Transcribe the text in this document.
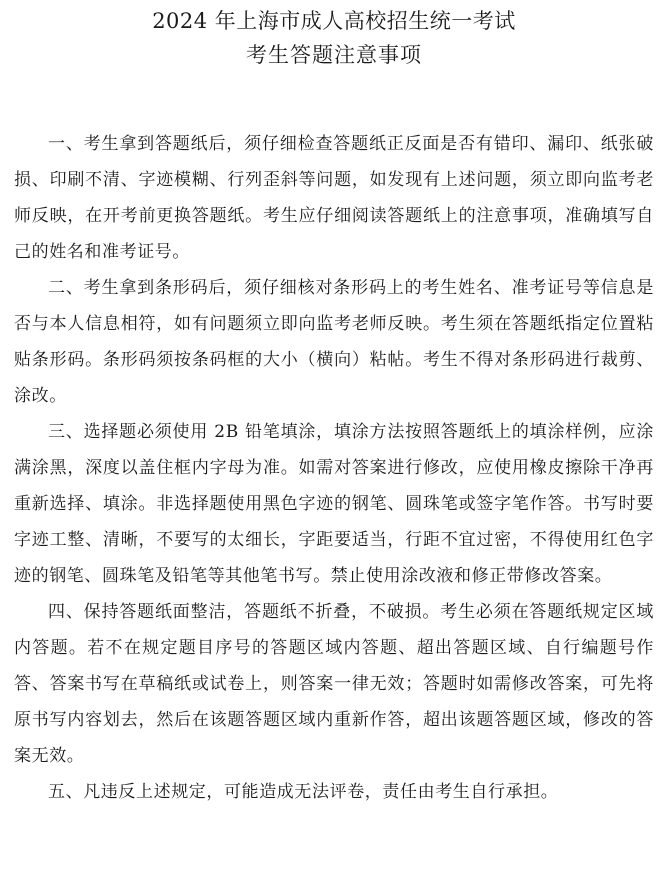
2024 年上海市成人高校招生统一考试
考生答题注意事项

一、考生拿到答题纸后，须仔细检查答题纸正反面是否有错印、漏印、纸张破损、印刷不清、字迹模糊、行列歪斜等问题，如发现有上述问题，须立即向监考老师反映，在开考前更换答题纸。考生应仔细阅读答题纸上的注意事项，准确填写自己的姓名和准考证号。

二、考生拿到条形码后，须仔细核对条形码上的考生姓名、准考证号等信息是否与本人信息相符，如有问题须立即向监考老师反映。考生须在答题纸指定位置粘贴条形码。条形码须按条码框的大小（横向）粘帖。考生不得对条形码进行裁剪、涂改。

三、选择题必须使用 2B 铅笔填涂，填涂方法按照答题纸上的填涂样例，应涂满涂黑，深度以盖住框内字母为准。如需对答案进行修改，应使用橡皮擦除干净再重新选择、填涂。非选择题使用黑色字迹的钢笔、圆珠笔或签字笔作答。书写时要字迹工整、清晰，不要写的太细长，字距要适当，行距不宜过密，不得使用红色字迹的钢笔、圆珠笔及铅笔等其他笔书写。禁止使用涂改液和修正带修改答案。

四、保持答题纸面整洁，答题纸不折叠，不破损。考生必须在答题纸规定区域内答题。若不在规定题目序号的答题区域内答题、超出答题区域、自行编题号作答、答案书写在草稿纸或试卷上，则答案一律无效；答题时如需修改答案，可先将原书写内容划去，然后在该题答题区域内重新作答，超出该题答题区域，修改的答案无效。

五、凡违反上述规定，可能造成无法评卷，责任由考生自行承担。
